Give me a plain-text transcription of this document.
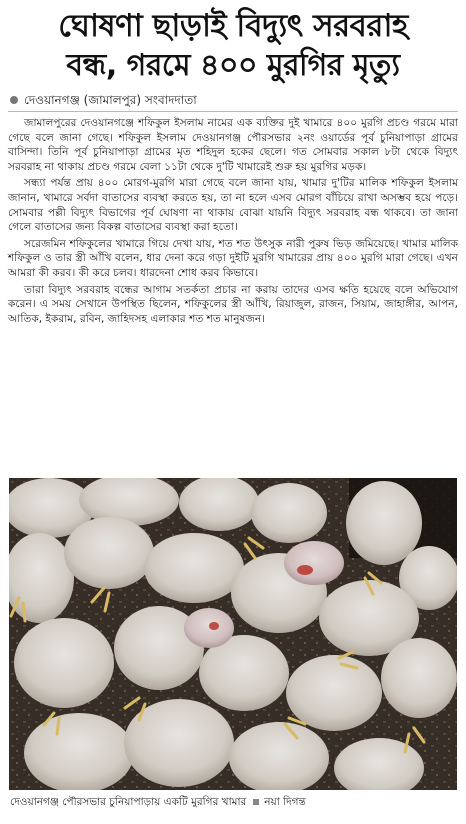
ঘোষণা ছাড়াই বিদ্যুৎ সরবরাহ
বন্ধ, গরমে ৪০০ মুরগির মৃত্যু
দেওয়ানগঞ্জ (জামালপুর) সংবাদদাতা

জামালপুরের দেওয়ানগঞ্জে শফিকুল ইসলাম নামের এক ব্যক্তির দুই খামারে ৪০০ মুরগি প্রচণ্ড গরমে মারা গেছে বলে জানা গেছে। শফিকুল ইসলাম দেওয়ানগঞ্জ পৌরসভার ২নং ওয়ার্ডের পূর্ব চুনিয়াপাড়া গ্রামের বাসিন্দা। তিনি পূর্ব চুনিয়াপাড়া গ্রামের মৃত শহিদুল হকের ছেলে। গত সোমবার সকাল ৮টা থেকে বিদ্যুৎ সরবরাহ না থাকায় প্রচণ্ড গরমে বেলা ১১টা থেকে দু'টি খামারেই শুরু হয় মুরগির মড়ক।

সন্ধ্যা পর্যন্ত প্রায় ৪০০ মোরগ-মুরগি মারা গেছে বলে জানা যায়, খামার দু'টির মালিক শফিকুল ইসলাম জানান, খামারে সর্বদা বাতাসের ব্যবস্থা করতে হয়, তা না হলে এসব মোরগ বাঁচিয়ে রাখা অসম্ভব হয়ে পড়ে। সোমবার পল্লী বিদ্যুৎ বিভাগের পূর্ব ঘোষণা না থাকায় বোঝা যায়নি বিদ্যুৎ সরবরাহ বন্ধ থাকবে। তা জানা গেলে বাতাসের জন্য বিকল্প বাতাসের ব্যবস্থা করা হতো।

সরেজমিন শফিকুলের খামারে গিয়ে দেখা যায়, শত শত উৎসুক নারী পুরুষ ভিড় জমিয়েছে। খামার মালিক শফিকুল ও তার স্ত্রী আঁখি বলেন, ধার দেনা করে গড়া দুইটি মুরগি খামারের প্রায় ৪০০ মুরগি মারা গেছে। এখন আমরা কী করব। কী করে চলব। ধারদেনা শোধ করব কিভাবে।

তারা বিদ্যুৎ সরবরাহ বন্ধের আগাম সতর্কতা প্রচার না করায় তাদের এসব ক্ষতি হয়েছে বলে অভিযোগ করেন। এ সময় সেখানে উপস্থিত ছিলেন, শফিকুলের স্ত্রী আঁখি, রিয়াজুল, রাজন, সিয়াম, জাহাঙ্গীর, আপন, আতিক, ইকরাম, রবিন, জাহিদসহ এলাকার শত শত মানুষজন।

দেওয়ানগঞ্জ পৌরসভার চুনিয়াপাড়ায় একটি মুরগির খামার নয়া দিগন্ত
